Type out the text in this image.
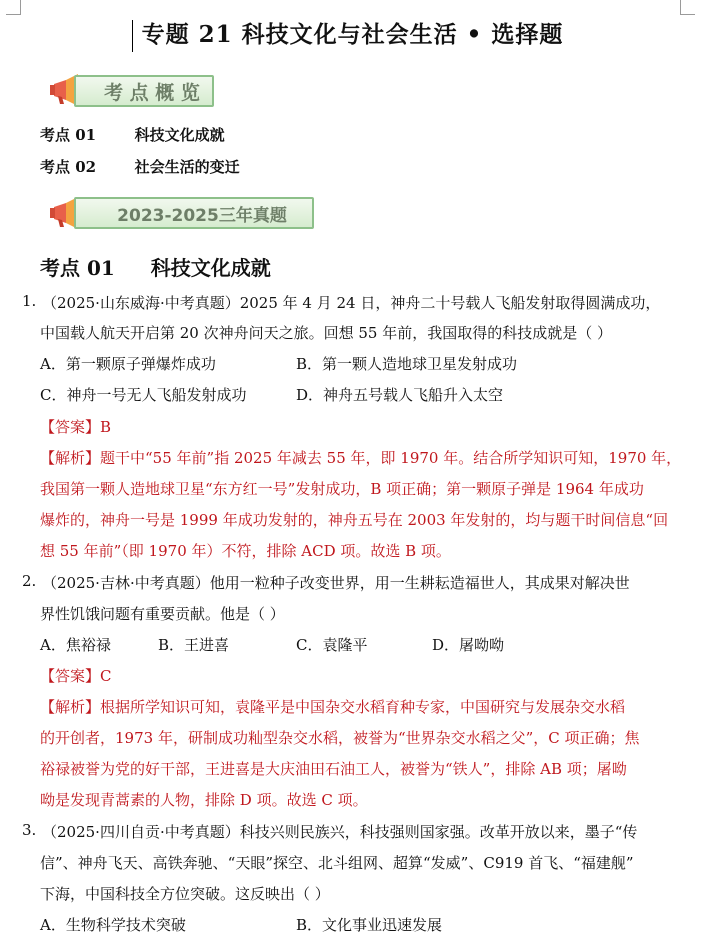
专题 21 科技文化与社会生活 • 选择题
考 点 概 览
考点 01	科技文化成就
考点 02	社会生活的变迁
2023-2025三年真题
考点 01 科技文化成就
1. （2025·山东威海·中考真题）2025 年 4 月 24 日，神舟二十号载人飞船发射取得圆满成功，
中国载人航天开启第 20 次神舟问天之旅。回想 55 年前，我国取得的科技成就是（ ）
A．第一颗原子弹爆炸成功	B．第一颗人造地球卫星发射成功
C．神舟一号无人飞船发射成功	D．神舟五号载人飞船升入太空
【答案】B
【解析】题干中“55 年前”指 2025 年减去 55 年，即 1970 年。结合所学知识可知，1970 年，
我国第一颗人造地球卫星“东方红一号”发射成功，B 项正确；第一颗原子弹是 1964 年成功
爆炸的，神舟一号是 1999 年成功发射的，神舟五号在 2003 年发射的，均与题干时间信息“回
想 55 年前”（即 1970 年）不符，排除 ACD 项。故选 B 项。
2. （2025·吉林·中考真题）他用一粒种子改变世界，用一生耕耘造福世人，其成果对解决世
界性饥饿问题有重要贡献。他是（ ）
A．焦裕禄	B．王进喜	C．袁隆平	D．屠呦呦
【答案】C
【解析】根据所学知识可知，袁隆平是中国杂交水稻育种专家，中国研究与发展杂交水稻
的开创者，1973 年，研制成功籼型杂交水稻，被誉为“世界杂交水稻之父”，C 项正确；焦
裕禄被誉为党的好干部，王进喜是大庆油田石油工人，被誉为“铁人”，排除 AB 项；屠呦
呦是发现青蒿素的人物，排除 D 项。故选 C 项。
3. （2025·四川自贡·中考真题）科技兴则民族兴，科技强则国家强。改革开放以来，墨子“传
信”、神舟飞天、高铁奔驰、“天眼”探空、北斗组网、超算“发威”、C919 首飞、“福建舰”
下海，中国科技全方位突破。这反映出（ ）
A．生物科学技术突破	B．文化事业迅速发展
